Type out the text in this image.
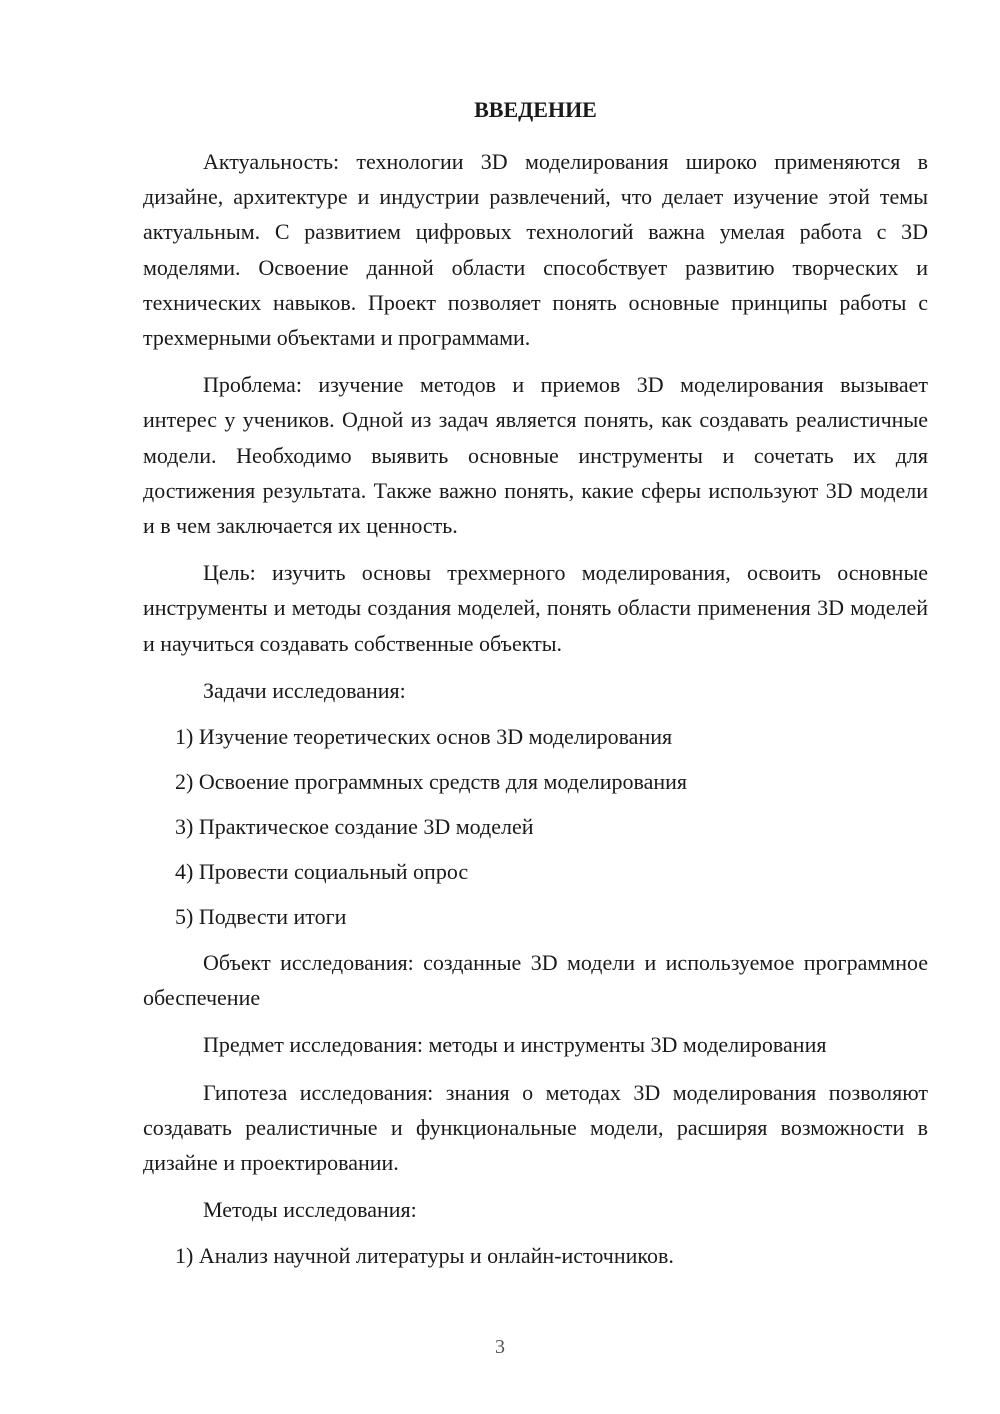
ВВЕДЕНИЕ

Актуальность: технологии 3D моделирования широко применяются в дизайне, архитектуре и индустрии развлечений, что делает изучение этой темы актуальным. С развитием цифровых технологий важна умелая работа с 3D моделями. Освоение данной области способствует развитию творческих и технических навыков. Проект позволяет понять основные принципы работы с трехмерными объектами и программами.

Проблема: изучение методов и приемов 3D моделирования вызывает интерес у учеников. Одной из задач является понять, как создавать реалистичные модели. Необходимо выявить основные инструменты и сочетать их для достижения результата. Также важно понять, какие сферы используют 3D модели и в чем заключается их ценность.

Цель: изучить основы трехмерного моделирования, освоить основные инструменты и методы создания моделей, понять области применения 3D моделей и научиться создавать собственные объекты.

Задачи исследования:

1) Изучение теоретических основ 3D моделирования

2) Освоение программных средств для моделирования

3) Практическое создание 3D моделей

4) Провести социальный опрос

5) Подвести итоги

Объект исследования: созданные 3D модели и используемое программное обеспечение

Предмет исследования: методы и инструменты 3D моделирования

Гипотеза исследования: знания о методах 3D моделирования позволяют создавать реалистичные и функциональные модели, расширяя возможности в дизайне и проектировании.

Методы исследования:

1) Анализ научной литературы и онлайн-источников.

3
